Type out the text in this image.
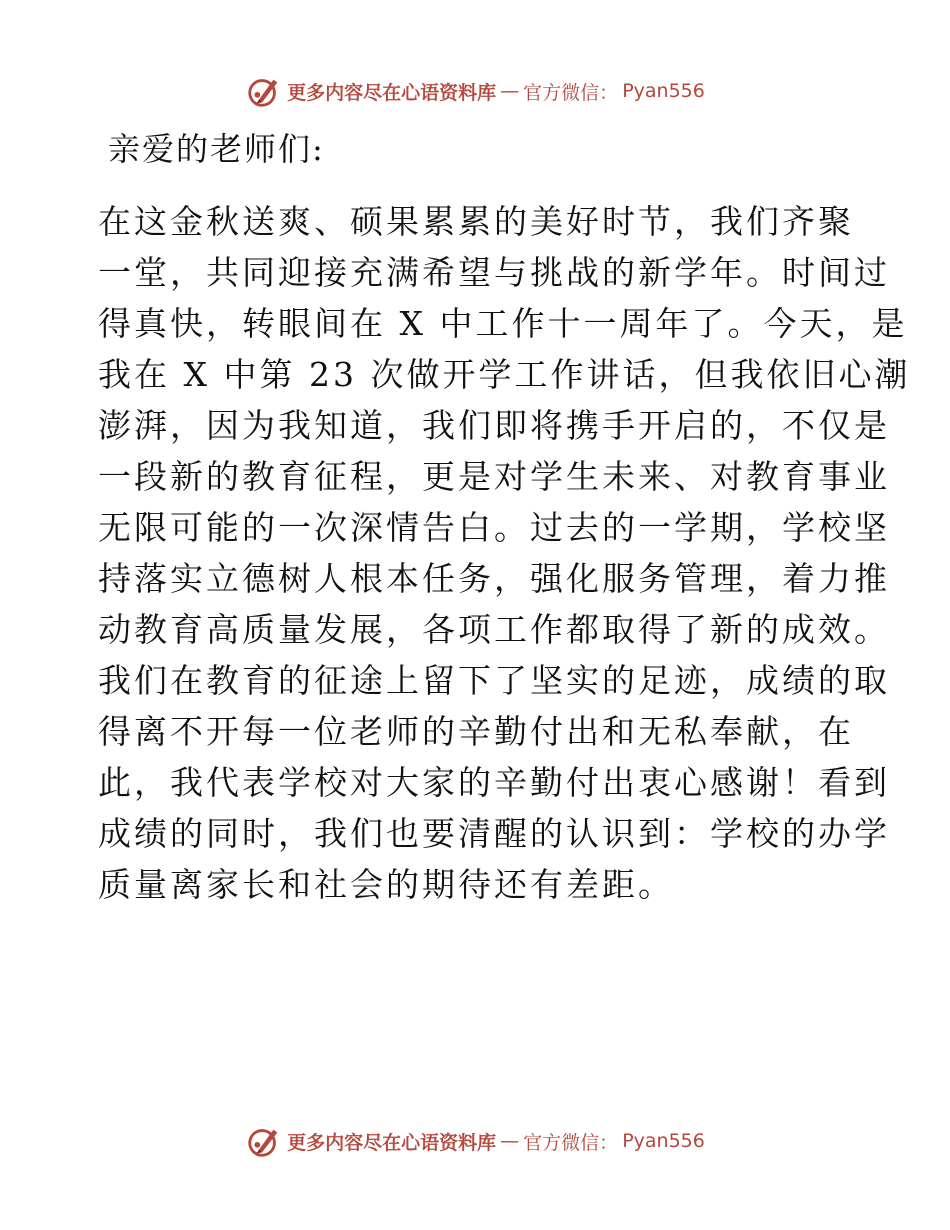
更多内容尽在心语资料库 — 官方微信： Pyan556
亲爱的老师们:
在这金秋送爽、硕果累累的美好时节，我们齐聚
一堂，共同迎接充满希望与挑战的新学年。时间过
得真快，转眼间在 X 中工作十一周年了。今天，是
我在 X 中第 23 次做开学工作讲话，但我依旧心潮
澎湃，因为我知道，我们即将携手开启的，不仅是
一段新的教育征程，更是对学生未来、对教育事业
无限可能的一次深情告白。过去的一学期，学校坚
持落实立德树人根本任务，强化服务管理，着力推
动教育高质量发展，各项工作都取得了新的成效。
我们在教育的征途上留下了坚实的足迹，成绩的取
得离不开每一位老师的辛勤付出和无私奉献，在
此，我代表学校对大家的辛勤付出衷心感谢！看到
成绩的同时，我们也要清醒的认识到：学校的办学
质量离家长和社会的期待还有差距。
更多内容尽在心语资料库 — 官方微信： Pyan556
